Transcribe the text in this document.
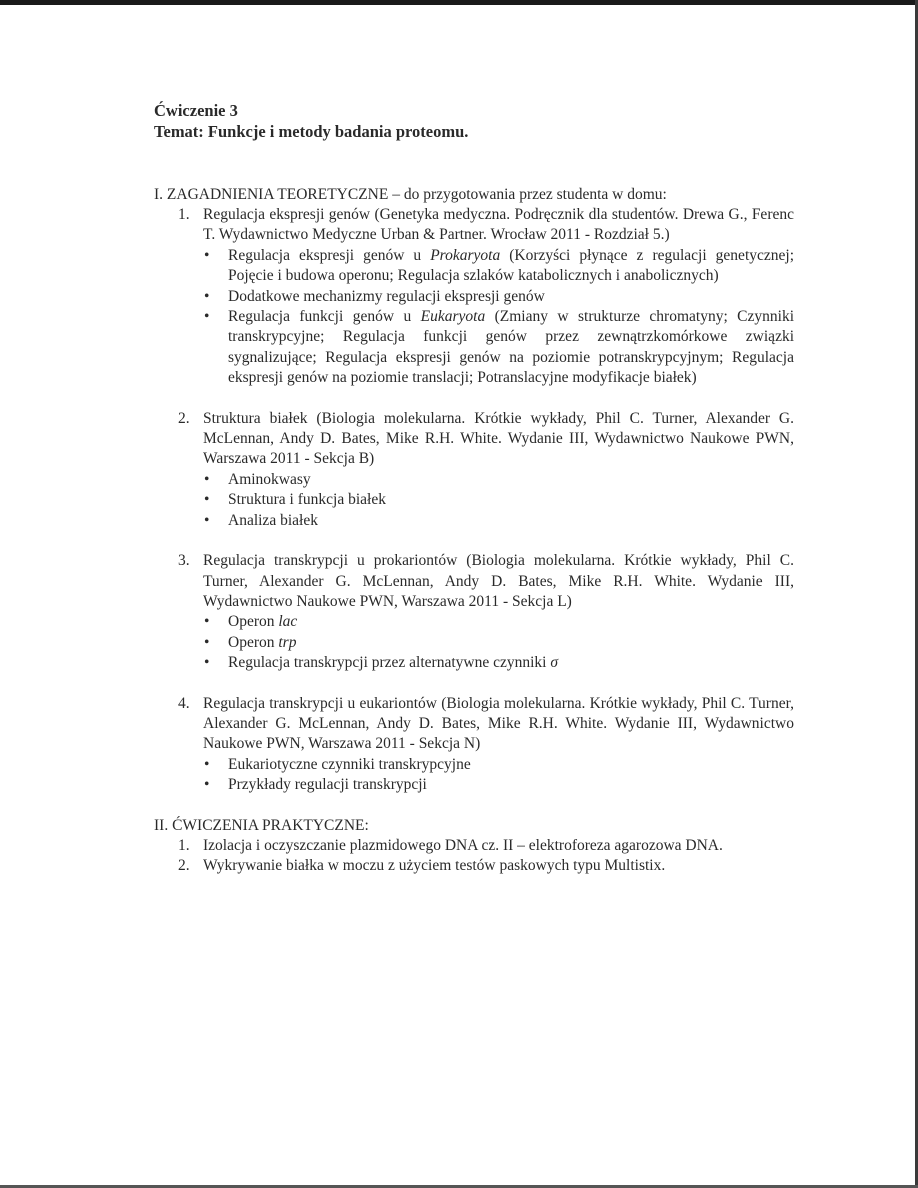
Ćwiczenie 3

Temat: Funkcje i metody badania proteomu.

I. ZAGADNIENIA TEORETYCZNE – do przygotowania przez studenta w domu:

1. Regulacja ekspresji genów (Genetyka medyczna. Podręcznik dla studentów. Drewa G., Ferenc T. Wydawnictwo Medyczne Urban & Partner. Wrocław 2011 - Rozdział 5.)
• Regulacja ekspresji genów u Prokaryota (Korzyści płynące z regulacji genetycznej; Pojęcie i budowa operonu; Regulacja szlaków katabolicznych i anabolicznych)
• Dodatkowe mechanizmy regulacji ekspresji genów
• Regulacja funkcji genów u Eukaryota (Zmiany w strukturze chromatyny; Czynniki transkrypcyjne; Regulacja funkcji genów przez zewnątrzkomórkowe związki sygnalizujące; Regulacja ekspresji genów na poziomie potranskrypcyjnym; Regulacja ekspresji genów na poziomie translacji; Potranslacyjne modyfikacje białek)
2. Struktura białek (Biologia molekularna. Krótkie wykłady, Phil C. Turner, Alexander G. McLennan, Andy D. Bates, Mike R.H. White. Wydanie III, Wydawnictwo Naukowe PWN, Warszawa 2011 - Sekcja B)
• Aminokwasy
• Struktura i funkcja białek
• Analiza białek
3. Regulacja transkrypcji u prokariontów (Biologia molekularna. Krótkie wykłady, Phil C. Turner, Alexander G. McLennan, Andy D. Bates, Mike R.H. White. Wydanie III, Wydawnictwo Naukowe PWN, Warszawa 2011 - Sekcja L)
• Operon lac
• Operon trp
• Regulacja transkrypcji przez alternatywne czynniki σ
4. Regulacja transkrypcji u eukariontów (Biologia molekularna. Krótkie wykłady, Phil C. Turner, Alexander G. McLennan, Andy D. Bates, Mike R.H. White. Wydanie III, Wydawnictwo Naukowe PWN, Warszawa 2011 - Sekcja N)
• Eukariotyczne czynniki transkrypcyjne
• Przykłady regulacji transkrypcji

II. ĆWICZENIA PRAKTYCZNE:

1. Izolacja i oczyszczanie plazmidowego DNA cz. II – elektroforeza agarozowa DNA.
2. Wykrywanie białka w moczu z użyciem testów paskowych typu Multistix.
